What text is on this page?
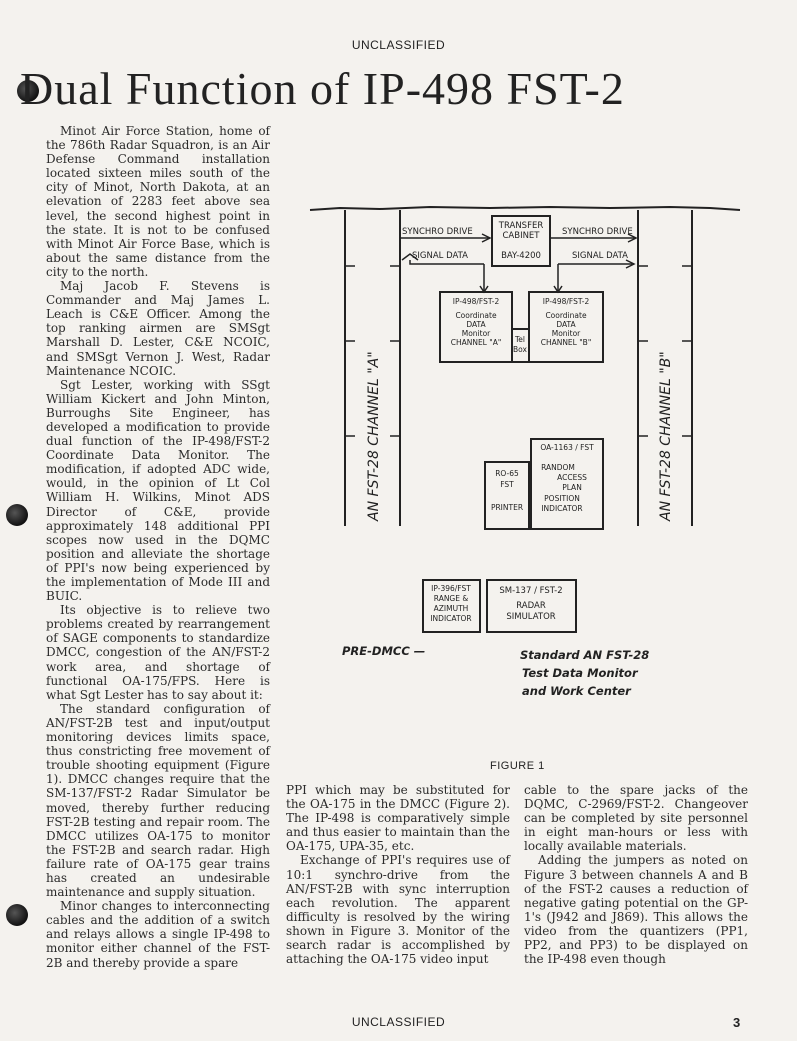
UNCLASSIFIED
Dual Function of IP-498 FST-2

Minot Air Force Station, home of the 786th Radar Squadron, is an Air Defense Command installation located sixteen miles south of the city of Minot, North Dakota, at an elevation of 2283 feet above sea level, the second highest point in the state. It is not to be confused with Minot Air Force Base, which is about the same distance from the city to the north.

Maj Jacob F. Stevens is Commander and Maj James L. Leach is C&E Officer. Among the top ranking airmen are SMSgt Marshall D. Lester, C&E NCOIC, and SMSgt Vernon J. West, Radar Maintenance NCOIC.

Sgt Lester, working with SSgt William Kickert and John Minton, Burroughs Site Engineer, has developed a modification to provide dual function of the IP-498/FST-2 Coordinate Data Monitor. The modification, if adopted ADC wide, would, in the opinion of Lt Col William H. Wilkins, Minot ADS Director of C&E, provide approximately 148 additional PPI scopes now used in the DQMC position and alleviate the shortage of PPI's now being experienced by the implementation of Mode III and BUIC.

Its objective is to relieve two problems created by rearrangement of SAGE components to standardize DMCC, congestion of the AN/FST-2 work area, and shortage of functional OA-175/FPS. Here is what Sgt Lester has to say about it:

The standard configuration of AN/FST-2B test and input/output monitoring devices limits space, thus constricting free movement of trouble shooting equipment (Figure 1). DMCC changes require that the SM-137/FST-2 Radar Simulator be moved, thereby further reducing FST-2B testing and repair room. The DMCC utilizes OA-175 to monitor the FST-2B and search radar. High failure rate of OA-175 gear trains has created an undesirable maintenance and supply situation.

Minor changes to interconnecting cables and the addition of a switch and relays allows a single IP-498 to monitor either channel of the FST-2B and thereby provide a spare

SYNCHRO DRIVE	SYNCHRO DRIVE
SIGNAL DATA	SIGNAL DATA
TRANSFER
CABINET
BAY-4200
IP-498/FST-2
Coordinate
DATA
Monitor
CHANNEL "A" Tel
Box
IP-498/FST-2
Coordinate
DATA
Monitor
CHANNEL "B"
OA-1163 / FST
RANDOM
ACCESS
PLAN
POSITION
INDICATOR
RO-65
FST
PRINTER
IP-396/FST
RANGE &
AZIMUTH
INDICATOR
SM-137 / FST-2
RADAR
SIMULATOR
AN FST-28 CHANNEL "A"	AN FST-28 CHANNEL "B"
PRE-DMCC —	Standard AN FST-28
Test Data Monitor
and Work Center
FIGURE 1

PPI which may be substituted for the OA-175 in the DMCC (Figure 2). The IP-498 is comparatively simple and thus easier to maintain than the OA-175, UPA-35, etc.

Exchange of PPI's requires use of 10:1 synchro-drive from the AN/FST-2B with sync interruption each revolution. The apparent difficulty is resolved by the wiring shown in Figure 3. Monitor of the search radar is accomplished by attaching the OA-175 video input

cable to the spare jacks of the DQMC, C-2969/FST-2. Changeover can be completed by site personnel in eight man-hours or less with locally available materials.

Adding the jumpers as noted on Figure 3 between channels A and B of the FST-2 causes a reduction of negative gating potential on the GP-1's (J942 and J869). This allows the video from the quantizers (PP1, PP2, and PP3) to be displayed on the IP-498 even though

UNCLASSIFIED	3
